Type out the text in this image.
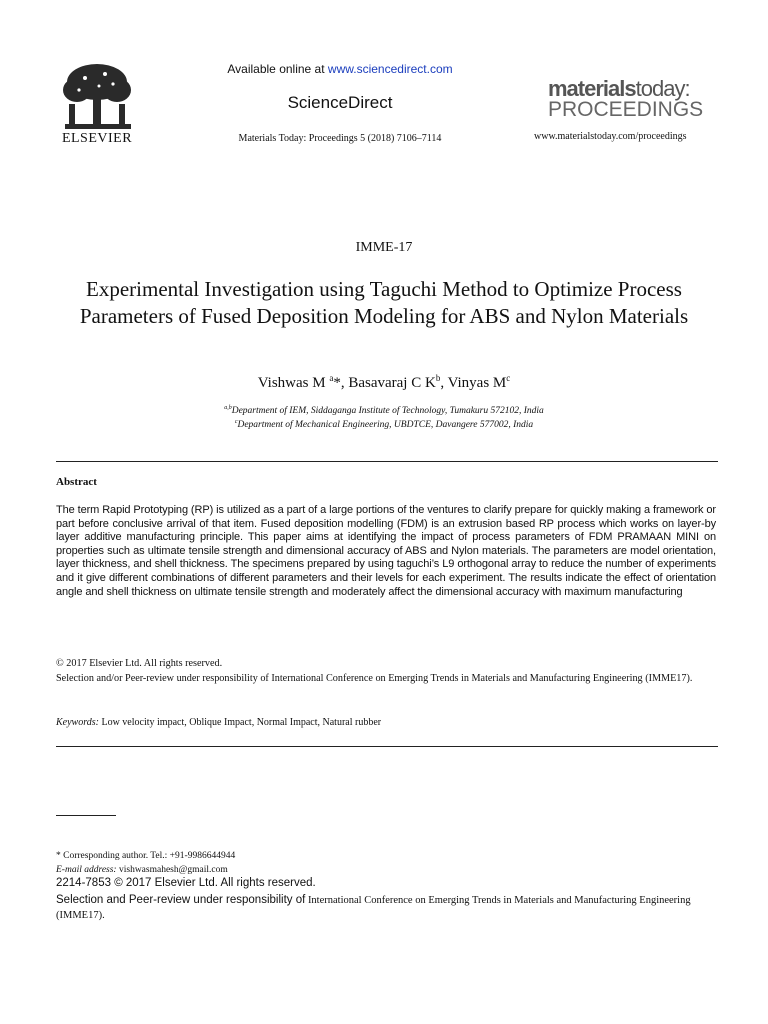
ELSEVIER
Available online at www.sciencedirect.com
ScienceDirect
Materials Today: Proceedings 5 (2018) 7106–7114
materialstoday:
PROCEEDINGS
www.materialstoday.com/proceedings
IMME-17
Experimental Investigation using Taguchi Method to Optimize Process Parameters of Fused Deposition Modeling for ABS and Nylon Materials
Vishwas M $^a$*, Basavaraj C $K^b$, Vinyas $M^c$
$^{a,b}$Department of IEM, Siddaganga Institute of Technology, Tumakuru 572102, India
$^c$Department of Mechanical Engineering, UBDTCE, Davangere 577002, India
Abstract
The term Rapid Prototyping (RP) is utilized as a part of a large portions of the ventures to clarify prepare for quickly making a framework or part before conclusive arrival of that item. Fused deposition modelling (FDM) is an extrusion based RP process which works on layer-by layer additive manufacturing principle. This paper aims at identifying the impact of process parameters of FDM PRAMAAN MINI on properties such as ultimate tensile strength and dimensional accuracy of ABS and Nylon materials. The parameters are model orientation, layer thickness, and shell thickness. The specimens prepared by using taguchi’s L9 orthogonal array to reduce the number of experiments and it give different combinations of different parameters and their levels for each experiment. The results indicate the effect of orientation angle and shell thickness on ultimate tensile strength and moderately affect the dimensional accuracy with maximum manufacturing
© 2017 Elsevier Ltd. All rights reserved.
Selection and/or Peer-review under responsibility of International Conference on Emerging Trends in Materials and Manufacturing Engineering (IMME17).
Keywords: Low velocity impact, Oblique Impact, Normal Impact, Natural rubber
* Corresponding author. Tel.: +91-9986644944
E-mail address: vishwasmahesh@gmail.com
2214-7853 © 2017 Elsevier Ltd. All rights reserved.
Selection and Peer-review under responsibility of International Conference on Emerging Trends in Materials and Manufacturing Engineering (IMME17).
